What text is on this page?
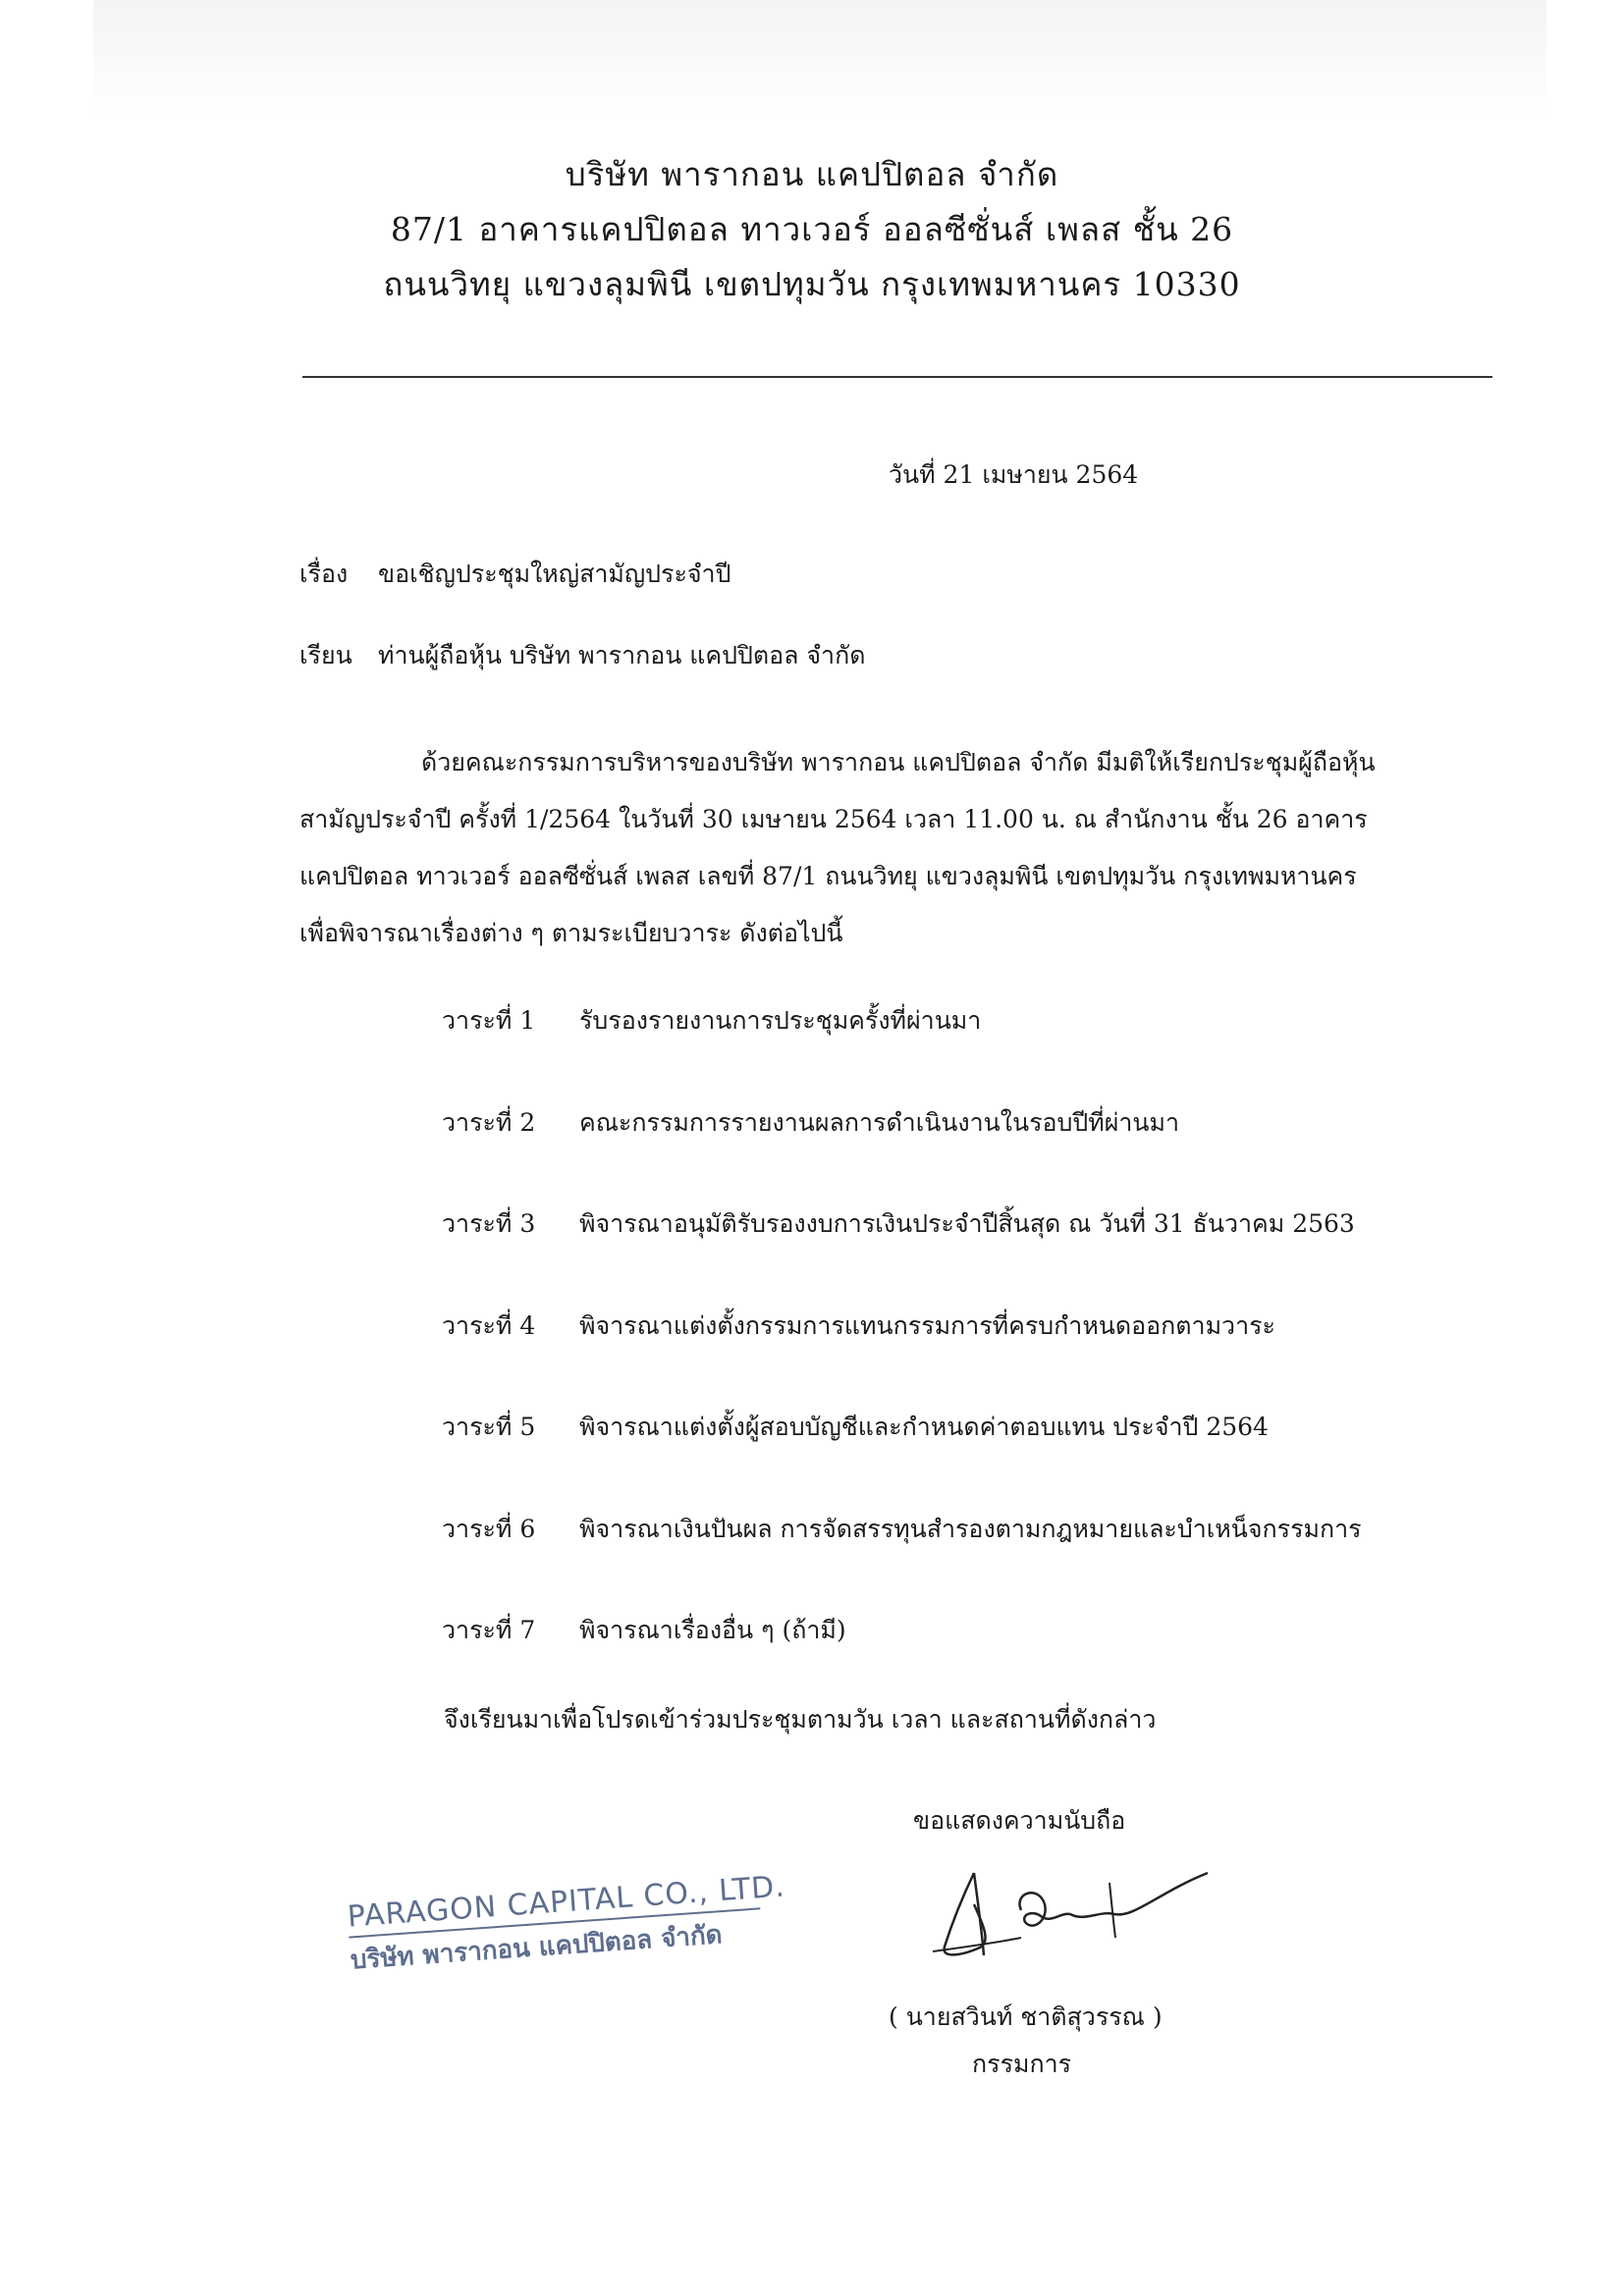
บริษัท พารากอน แคปปิตอล จำกัด
87/1 อาคารแคปปิตอล ทาวเวอร์ ออลซีซั่นส์ เพลส ชั้น 26
ถนนวิทยุ แขวงลุมพินี เขตปทุมวัน กรุงเทพมหานคร 10330
วันที่ 21 เมษายน 2564
เรื่อง ขอเชิญประชุมใหญ่สามัญประจำปี
เรียน ท่านผู้ถือหุ้น บริษัท พารากอน แคปปิตอล จำกัด
ด้วยคณะกรรมการบริหารของบริษัท พารากอน แคปปิตอล จำกัด มีมติให้เรียกประชุมผู้ถือหุ้น
สามัญประจำปี ครั้งที่ 1/2564 ในวันที่ 30 เมษายน 2564 เวลา 11.00 น. ณ สำนักงาน ชั้น 26 อาคาร
แคปปิตอล ทาวเวอร์ ออลซีซั่นส์ เพลส เลขที่ 87/1 ถนนวิทยุ แขวงลุมพินี เขตปทุมวัน กรุงเทพมหานคร
เพื่อพิจารณาเรื่องต่าง ๆ ตามระเบียบวาระ ดังต่อไปนี้
วาระที่ 1 รับรองรายงานการประชุมครั้งที่ผ่านมา
วาระที่ 2 คณะกรรมการรายงานผลการดำเนินงานในรอบปีที่ผ่านมา
วาระที่ 3 พิจารณาอนุมัติรับรองงบการเงินประจำปีสิ้นสุด ณ วันที่ 31 ธันวาคม 2563
วาระที่ 4 พิจารณาแต่งตั้งกรรมการแทนกรรมการที่ครบกำหนดออกตามวาระ
วาระที่ 5 พิจารณาแต่งตั้งผู้สอบบัญชีและกำหนดค่าตอบแทน ประจำปี 2564
วาระที่ 6 พิจารณาเงินปันผล การจัดสรรทุนสำรองตามกฎหมายและบำเหน็จกรรมการ
วาระที่ 7 พิจารณาเรื่องอื่น ๆ (ถ้ามี)
จึงเรียนมาเพื่อโปรดเข้าร่วมประชุมตามวัน เวลา และสถานที่ดังกล่าว
ขอแสดงความนับถือ
PARAGON CAPITAL CO., LTD.
บริษัท พารากอน แคปปิตอล จำกัด
( นายสวินท์ ชาติสุวรรณ )
กรรมการ
